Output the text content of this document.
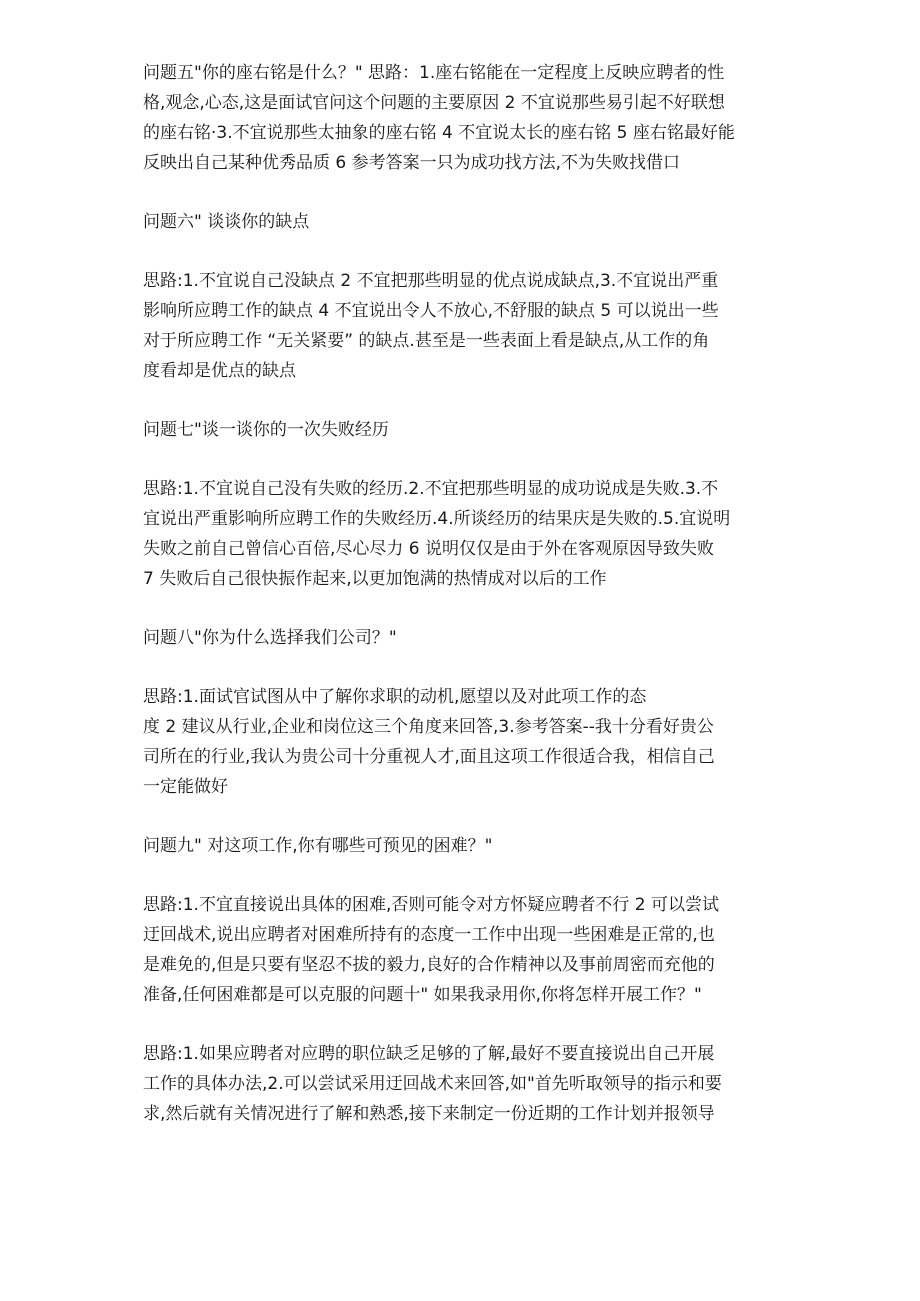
问题五"你的座右铭是什么？" 思路：1.座右铭能在一定程度上反映应聘者的性
格,观念,心态,这是面试官问这个问题的主要原因 2 不宜说那些易引起不好联想
的座右铭·3.不宜说那些太抽象的座右铭 4 不宜说太长的座右铭 5 座右铭最好能
反映出自己某种优秀品质 6 参考答案一只为成功找方法,不为失败找借口

问题六" 谈谈你的缺点

思路:1.不宜说自己没缺点 2 不宜把那些明显的优点说成缺点,3.不宜说出严重
影响所应聘工作的缺点 4 不宜说出令人不放心,不舒服的缺点 5 可以说出一些
对于所应聘工作 “无关紧要” 的缺点.甚至是一些表面上看是缺点,从工作的角
度看却是优点的缺点

问题七"谈一谈你的一次失败经历

思路:1.不宜说自己没有失败的经历.2.不宜把那些明显的成功说成是失败.3.不
宜说出严重影响所应聘工作的失败经历.4.所谈经历的结果庆是失败的.5.宜说明
失败之前自己曾信心百倍,尽心尽力 6 说明仅仅是由于外在客观原因导致失败
7 失败后自己很快振作起来,以更加饱满的热情成对以后的工作

问题八"你为什么选择我们公司？"

思路:1.面试官试图从中了解你求职的动机,愿望以及对此项工作的态
度 2 建议从行业,企业和岗位这三个角度来回答,3.参考答案--我十分看好贵公
司所在的行业,我认为贵公司十分重视人才,面且这项工作很适合我，相信自己
一定能做好

问题九" 对这项工作,你有哪些可预见的困难？"

思路:1.不宜直接说出具体的困难,否则可能令对方怀疑应聘者不行 2 可以尝试
迂回战术,说出应聘者对困难所持有的态度一工作中出现一些困难是正常的,也
是难免的,但是只要有坚忍不拔的毅力,良好的合作精神以及事前周密而充他的
准备,任何困难都是可以克服的问题十" 如果我录用你,你将怎样开展工作？"

思路:1.如果应聘者对应聘的职位缺乏足够的了解,最好不要直接说出自己开展
工作的具体办法,2.可以尝试采用迂回战术来回答,如"首先听取领导的指示和要
求,然后就有关情况进行了解和熟悉,接下来制定一份近期的工作计划并报领导
